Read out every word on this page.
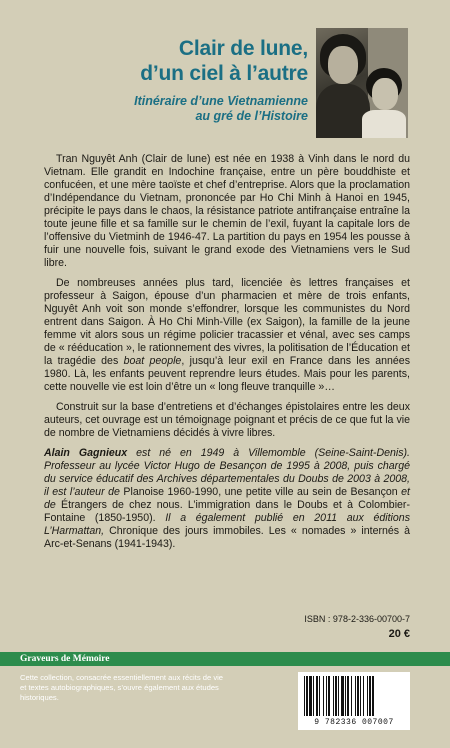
Clair de lune,
d’un ciel à l’autre
Itinéraire d’une Vietnamienne
au gré de l’Histoire

Tran Nguyêt Anh (Clair de lune) est née en 1938 à Vinh dans le nord du Vietnam. Elle grandit en Indochine française, entre un père bouddhiste et confucéen, et une mère taoïste et chef d’entreprise. Alors que la proclamation d’Indépendance du Vietnam, prononcée par Ho Chi Minh à Hanoi en 1945, précipite le pays dans le chaos, la résistance patriote antifrançaise entraîne la toute jeune fille et sa famille sur le chemin de l’exil, fuyant la capitale lors de l’offensive du Vietminh de 1946-47. La partition du pays en 1954 les pousse à fuir une nouvelle fois, suivant le grand exode des Vietnamiens vers le Sud libre.

De nombreuses années plus tard, licenciée ès lettres françaises et professeur à Saigon, épouse d’un pharmacien et mère de trois enfants, Nguyêt Anh voit son monde s’effondrer, lorsque les communistes du Nord entrent dans Saigon. À Ho Chi Minh-Ville (ex Saigon), la famille de la jeune femme vit alors sous un régime policier tracassier et vénal, avec ses camps de « rééducation », le rationnement des vivres, la politisation de l’Éducation et la tragédie des boat people, jusqu’à leur exil en France dans les années 1980. Là, les enfants peuvent reprendre leurs études. Mais pour les parents, cette nouvelle vie est loin d’être un « long fleuve tranquille »…

Construit sur la base d’entretiens et d’échanges épistolaires entre les deux auteurs, cet ouvrage est un témoignage poignant et précis de ce que fut la vie de nombre de Vietnamiens décidés à vivre libres.

Alain Gagnieux est né en 1949 à Villemomble (Seine-Saint-Denis). Professeur au lycée Victor Hugo de Besançon de 1995 à 2008, puis chargé du service éducatif des Archives départementales du Doubs de 2003 à 2008, il est l’auteur de Planoise 1960-1990, une petite ville au sein de Besançon et de Étrangers de chez nous. L’immigration dans le Doubs et à Colombier-Fontaine (1850-1950). Il a également publié en 2011 aux éditions L’Harmattan, Chronique des jours immobiles. Les « nomades » internés à Arc-et-Senans (1941-1943).

ISBN : 978-2-336-00700-7
20 €
Graveurs de Mémoire
Cette collection, consacrée essentiellement aux récits de vie et textes autobiographiques, s’ouvre également aux études historiques.
9 782336 007007
